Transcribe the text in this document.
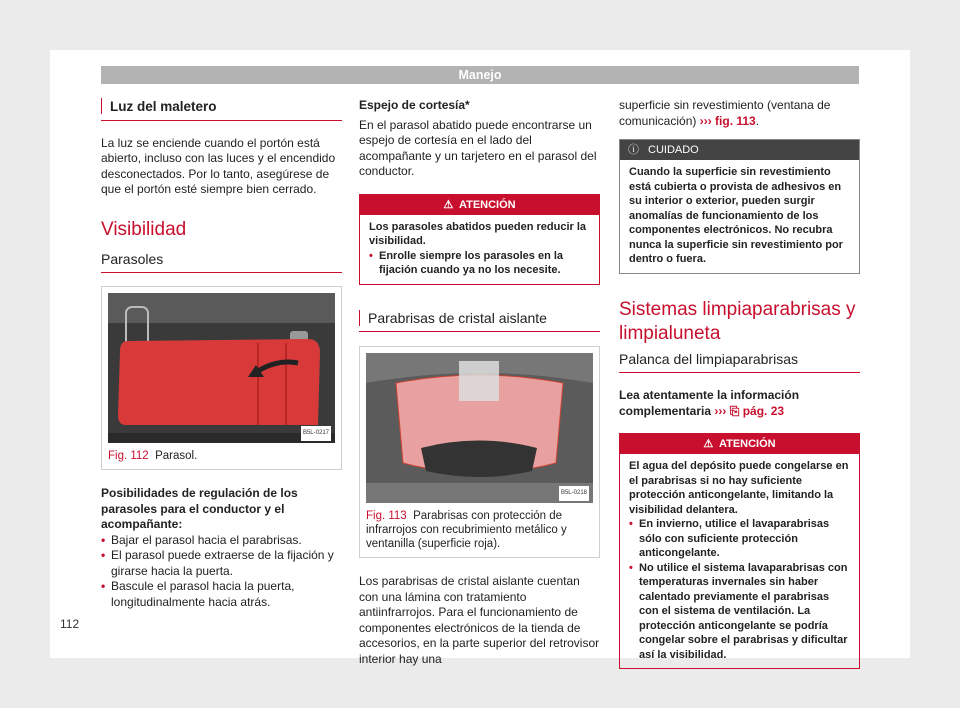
Manejo
Luz del maletero

La luz se enciende cuando el portón está abierto, incluso con las luces y el encendido desconectados. Por lo tanto, asegúrese de que el portón esté siempre bien cerrado.

Visibilidad
Parasoles
B5L-0217
Fig. 112 Parasol.

Posibilidades de regulación de los parasoles para el conductor y el acompañante:

• Bajar el parasol hacia el parabrisas.
• El parasol puede extraerse de la fijación y girarse hacia la puerta.
• Bascule el parasol hacia la puerta, longitudinalmente hacia atrás.

Espejo de cortesía*

En el parasol abatido puede encontrarse un espejo de cortesía en el lado del acompañante y un tarjetero en el parasol del conductor.

⚠ ATENCIÓN

Los parasoles abatidos pueden reducir la visibilidad.

• Enrolle siempre los parasoles en la fijación cuando ya no los necesite.
Parabrisas de cristal aislante
B5L-0218
Fig. 113 Parabrisas con protección de infrarrojos con recubrimiento metálico y ventanilla (superficie roja).

Los parabrisas de cristal aislante cuentan con una lámina con tratamiento antiinfrarrojos. Para el funcionamiento de componentes electrónicos de la tienda de accesorios, en la parte superior del retrovisor interior hay una

superficie sin revestimiento (ventana de comunicación) ››› fig. 113.

ⓘ CUIDADO
Cuando la superficie sin revestimiento está cubierta o provista de adhesivos en su interior o exterior, pueden surgir anomalías de funcionamiento de los componentes electrónicos. No recubra nunca la superficie sin revestimiento por dentro o fuera.
Sistemas limpiaparabrisas y limpialuneta
Palanca del limpiaparabrisas

Lea atentamente la información complementaria ››› ⎘ pág. 23

⚠ ATENCIÓN

El agua del depósito puede congelarse en el parabrisas si no hay suficiente protección anticongelante, limitando la visibilidad delantera.

• En invierno, utilice el lavaparabrisas sólo con suficiente protección anticongelante.
• No utilice el sistema lavaparabrisas con temperaturas invernales sin haber calentado previamente el parabrisas con el sistema de ventilación. La protección anticongelante se podría congelar sobre el parabrisas y dificultar así la visibilidad.
112
